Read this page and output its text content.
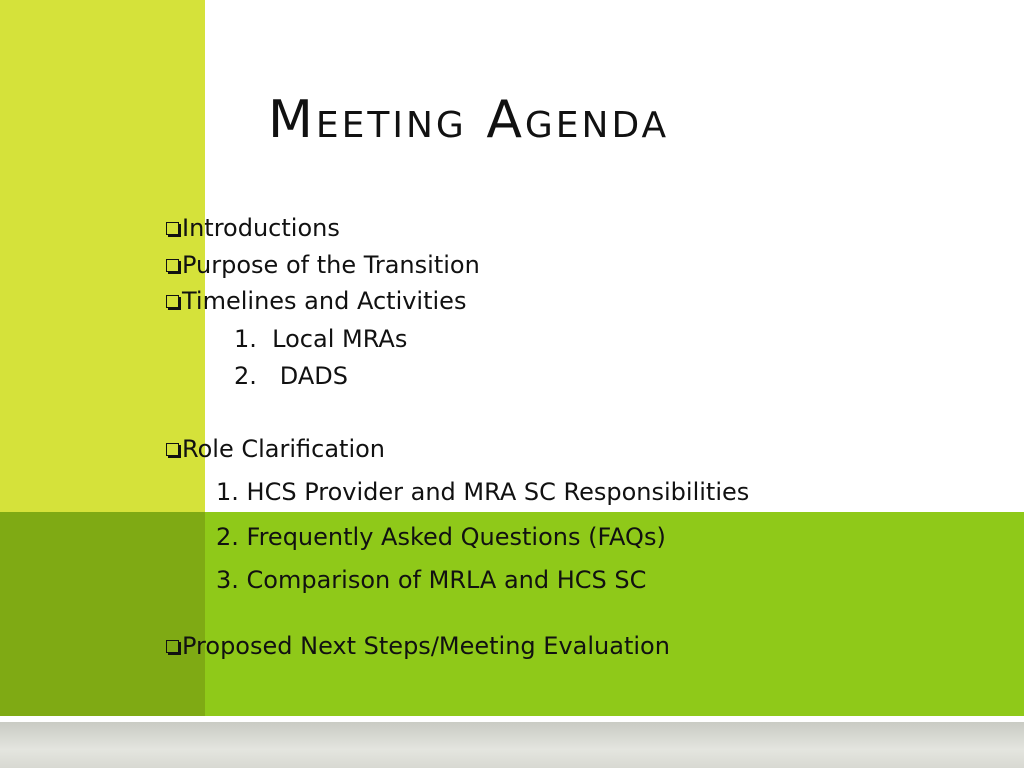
Meeting Agenda
Introductions
Purpose of the Transition
Timelines and Activities
1.  Local MRAs
2.   DADS
Role Clarification
1. HCS Provider and MRA SC Responsibilities
2. Frequently Asked Questions (FAQs)
3. Comparison of MRLA and HCS SC
Proposed Next Steps/Meeting Evaluation
